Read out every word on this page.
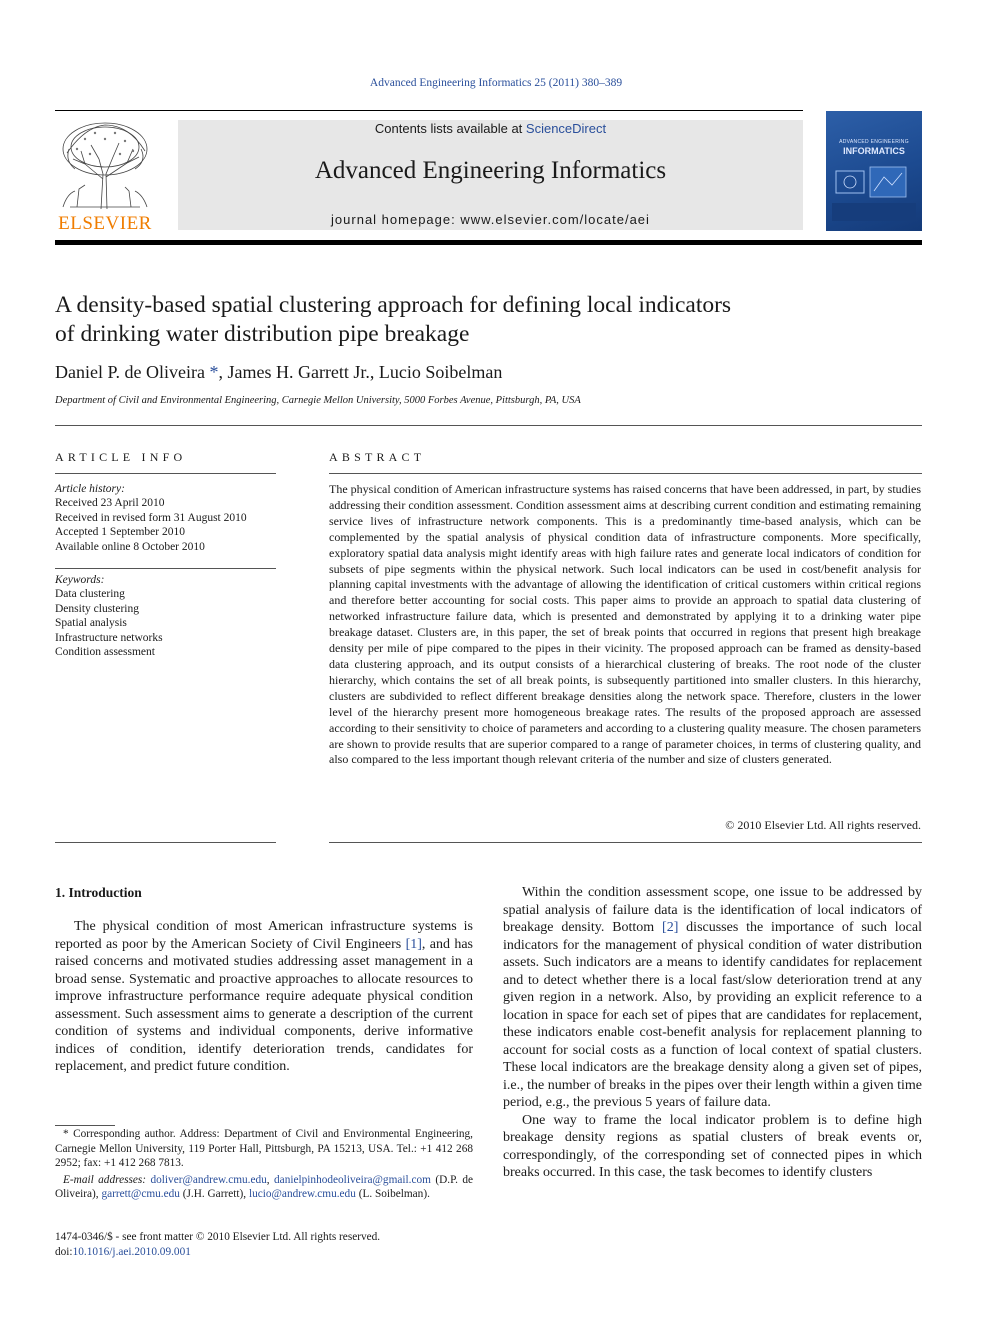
Advanced Engineering Informatics 25 (2011) 380–389
ELSEVIER
Contents lists available at ScienceDirect
Advanced Engineering Informatics
journal homepage: www.elsevier.com/locate/aei
ADVANCED ENGINEERING
INFORMATICS
A density-based spatial clustering approach for defining local indicators
of drinking water distribution pipe breakage
Daniel P. de Oliveira *, James H. Garrett Jr., Lucio Soibelman
Department of Civil and Environmental Engineering, Carnegie Mellon University, 5000 Forbes Avenue, Pittsburgh, PA, USA
ARTICLE INFO
Article history:
Received 23 April 2010
Received in revised form 31 August 2010
Accepted 1 September 2010
Available online 8 October 2010
Keywords:
Data clustering
Density clustering
Spatial analysis
Infrastructure networks
Condition assessment
ABSTRACT
The physical condition of American infrastructure systems has raised concerns that have been addressed, in part, by studies addressing their condition assessment. Condition assessment aims at describing current condition and estimating remaining service lives of infrastructure network components. This is a predominantly time-based analysis, which can be complemented by the spatial analysis of physical condition data of infrastructure components. More specifically, exploratory spatial data analysis might identify areas with high failure rates and generate local indicators of condition for subsets of pipe segments within the physical network. Such local indicators can be used in cost/benefit analysis for planning capital investments with the advantage of allowing the identification of critical customers within critical regions and therefore better accounting for social costs. This paper aims to provide an approach to spatial data clustering of networked infrastructure failure data, which is presented and demonstrated by applying it to a drinking water pipe breakage dataset. Clusters are, in this paper, the set of break points that occurred in regions that present high breakage density per mile of pipe compared to the pipes in their vicinity. The proposed approach can be framed as density-based data clustering approach, and its output consists of a hierarchical clustering of breaks. The root node of the cluster hierarchy, which contains the set of all break points, is subsequently partitioned into smaller clusters. In this hierarchy, clusters are subdivided to reflect different breakage densities along the network space. Therefore, clusters in the lower level of the hierarchy present more homogeneous breakage rates. The results of the proposed approach are assessed according to their sensitivity to choice of parameters and according to a clustering quality measure. The chosen parameters are shown to provide results that are superior compared to a range of parameter choices, in terms of clustering quality, and also compared to the less important though relevant criteria of the number and size of clusters generated.
© 2010 Elsevier Ltd. All rights reserved.
1. Introduction

The physical condition of most American infrastructure systems is reported as poor by the American Society of Civil Engineers [1], and has raised concerns and motivated studies addressing asset management in a broad sense. Systematic and proactive approaches to allocate resources to improve infrastructure performance require adequate physical condition assessment. Such assessment aims to generate a description of the current condition of systems and individual components, derive informative indices of condition, identify deterioration trends, candidates for replacement, and predict future condition.

Within the condition assessment scope, one issue to be addressed by spatial analysis of failure data is the identification of local indicators of breakage density. Bottom [2] discusses the importance of such local indicators for the management of physical condition of water distribution assets. Such indicators are a means to identify candidates for replacement and to detect whether there is a local fast/slow deterioration trend at any given region in a network. Also, by providing an explicit reference to a location in space for each set of pipes that are candidates for replacement, these indicators enable cost-benefit analysis for replacement planning to account for social costs as a function of local context of spatial clusters. These local indicators are the breakage density along a given set of pipes, i.e., the number of breaks in the pipes over their length within a given time period, e.g., the previous 5 years of failure data.

One way to frame the local indicator problem is to define high breakage density regions as spatial clusters of break events or, correspondingly, of the corresponding set of connected pipes in which breaks occurred. In this case, the task becomes to identify clusters

* Corresponding author. Address: Department of Civil and Environmental Engineering, Carnegie Mellon University, 119 Porter Hall, Pittsburgh, PA 15213, USA. Tel.: +1 412 268 2952; fax: +1 412 268 7813.
E-mail addresses: doliver@andrew.cmu.edu, danielpinhodeoliveira@gmail.com (D.P. de Oliveira), garrett@cmu.edu (J.H. Garrett), lucio@andrew.cmu.edu (L. Soibelman).
1474-0346/$ - see front matter © 2010 Elsevier Ltd. All rights reserved.
doi:10.1016/j.aei.2010.09.001
